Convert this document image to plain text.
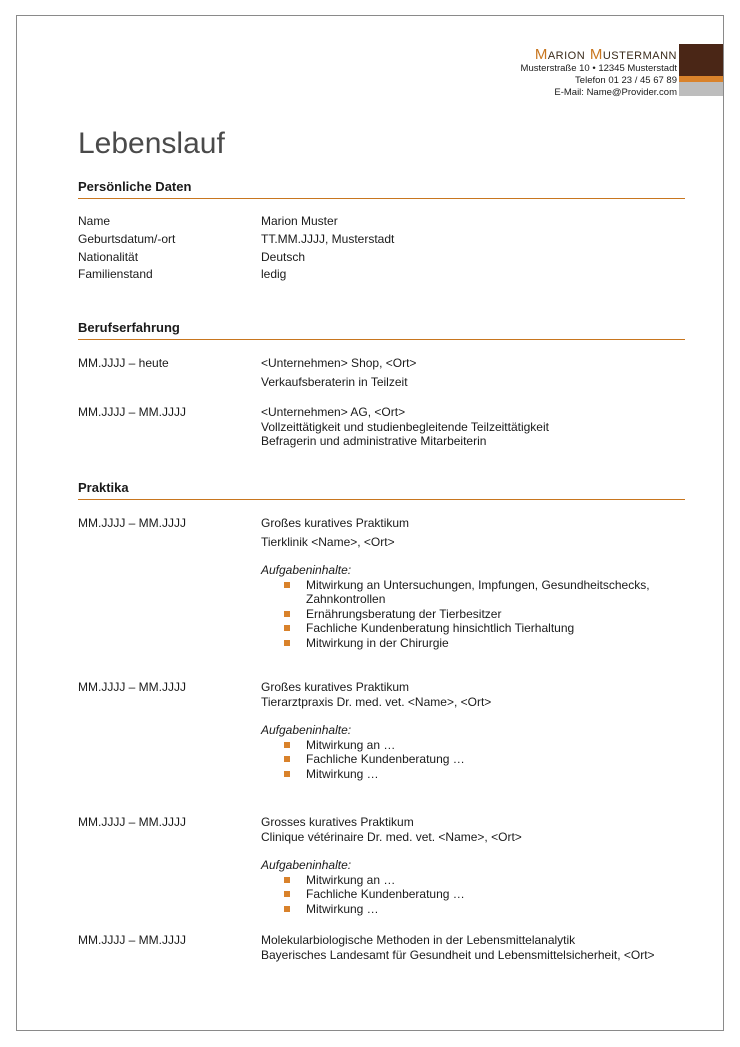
Marion Mustermann
Musterstraße 10 • 12345 Musterstadt
Telefon 01 23 / 45 67 89
E-Mail: Name@Provider.com
Lebenslauf
Persönliche Daten
Name	Marion Muster
Geburtsdatum/-ort	TT.MM.JJJJ, Musterstadt
Nationalität	Deutsch
Familienstand	ledig
Berufserfahrung
MM.JJJJ – heute	<Unternehmen> Shop, <Ort>
Verkaufsberaterin in Teilzeit
MM.JJJJ – MM.JJJJ	<Unternehmen> AG, <Ort>
Vollzeittätigkeit und studienbegleitende Teilzeittätigkeit
Befragerin und administrative Mitarbeiterin
Praktika
MM.JJJJ – MM.JJJJ	Großes kuratives Praktikum
Tierklinik <Name>, <Ort>
Aufgabeninhalte:
Mitwirkung an Untersuchungen, Impfungen, Gesundheitschecks, Zahnkontrollen
Ernährungsberatung der Tierbesitzer
Fachliche Kundenberatung hinsichtlich Tierhaltung
Mitwirkung in der Chirurgie
MM.JJJJ – MM.JJJJ	Großes kuratives Praktikum
Tierarztpraxis Dr. med. vet. <Name>, <Ort>
Aufgabeninhalte:
Mitwirkung an …
Fachliche Kundenberatung …
Mitwirkung …
MM.JJJJ – MM.JJJJ	Grosses kuratives Praktikum
Clinique vétérinaire Dr. med. vet. <Name>, <Ort>
Aufgabeninhalte:
Mitwirkung an …
Fachliche Kundenberatung …
Mitwirkung …
MM.JJJJ – MM.JJJJ	Molekularbiologische Methoden in der Lebensmittelanalytik
Bayerisches Landesamt für Gesundheit und Lebensmittelsicherheit, <Ort>
